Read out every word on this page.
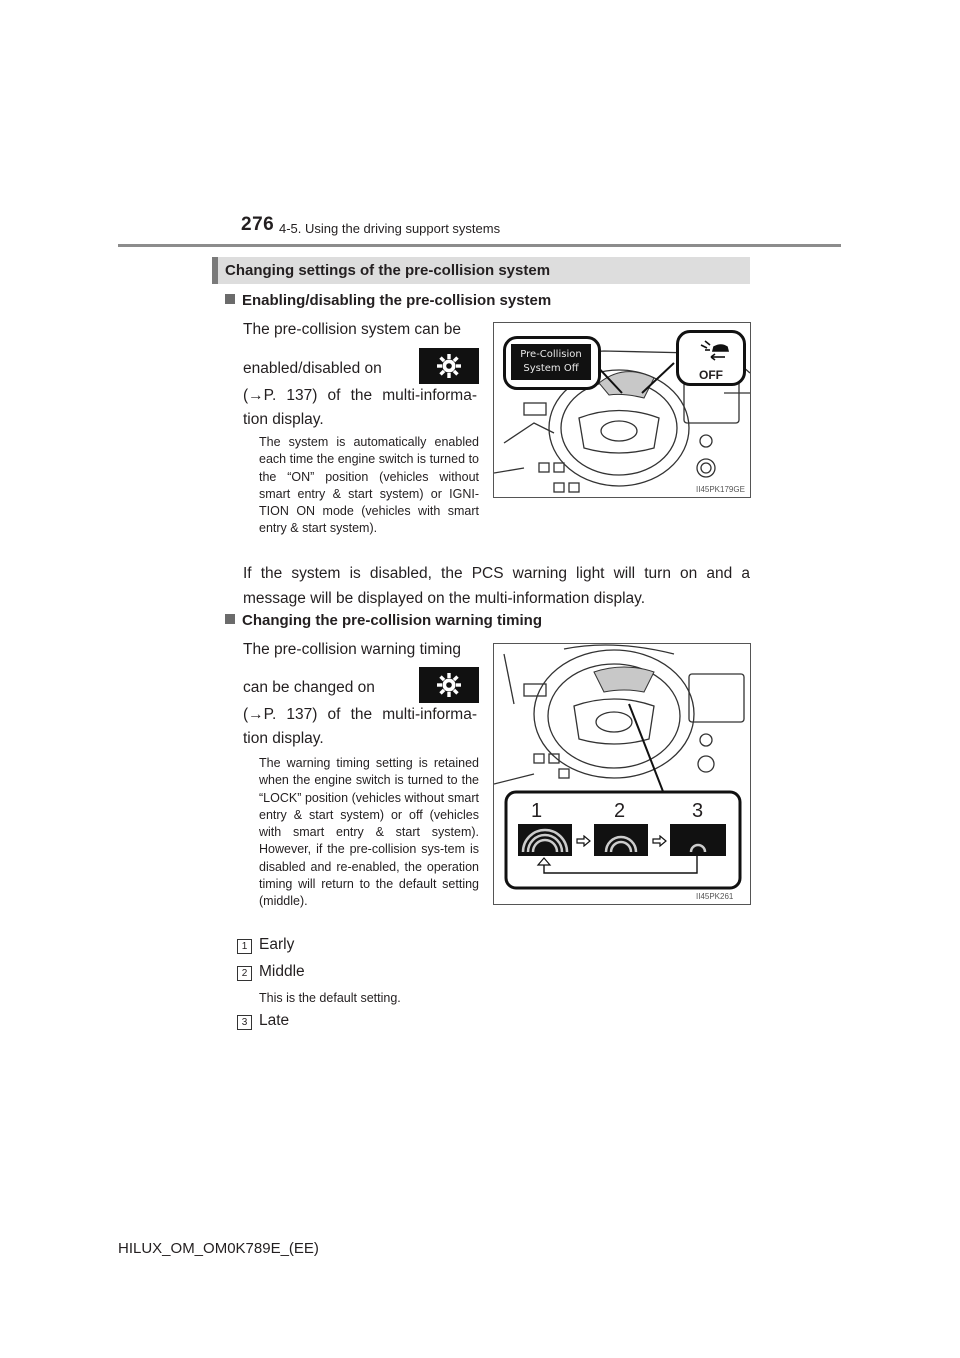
276 4-5. Using the driving support systems
Changing settings of the pre-collision system
Enabling/disabling the pre-collision system
The pre-collision system can be
enabled/disabled on
(→P. 137) of the multi-informa-
tion display.
The system is automatically enabled each time the engine switch is turned to the “ON” position (vehicles without smart entry & start system) or IGNI-TION ON mode (vehicles with smart entry & start system).
Pre-Collision
System Off	OFF
II45PK179GE
If the system is disabled, the PCS warning light will turn on and a message will be displayed on the multi-information display.
Changing the pre-collision warning timing
The pre-collision warning timing
can be changed on
(→P. 137) of the multi-informa-
tion display.
The warning timing setting is retained when the engine switch is turned to the “LOCK” position (vehicles without smart entry & start system) or off (vehicles with smart entry & start system). However, if the pre-collision sys-tem is disabled and re-enabled, the operation timing will return to the default setting (middle).
1	2	3
II45PK261
1 Early
2 Middle
This is the default setting.
3 Late
HILUX_OM_OM0K789E_(EE)
